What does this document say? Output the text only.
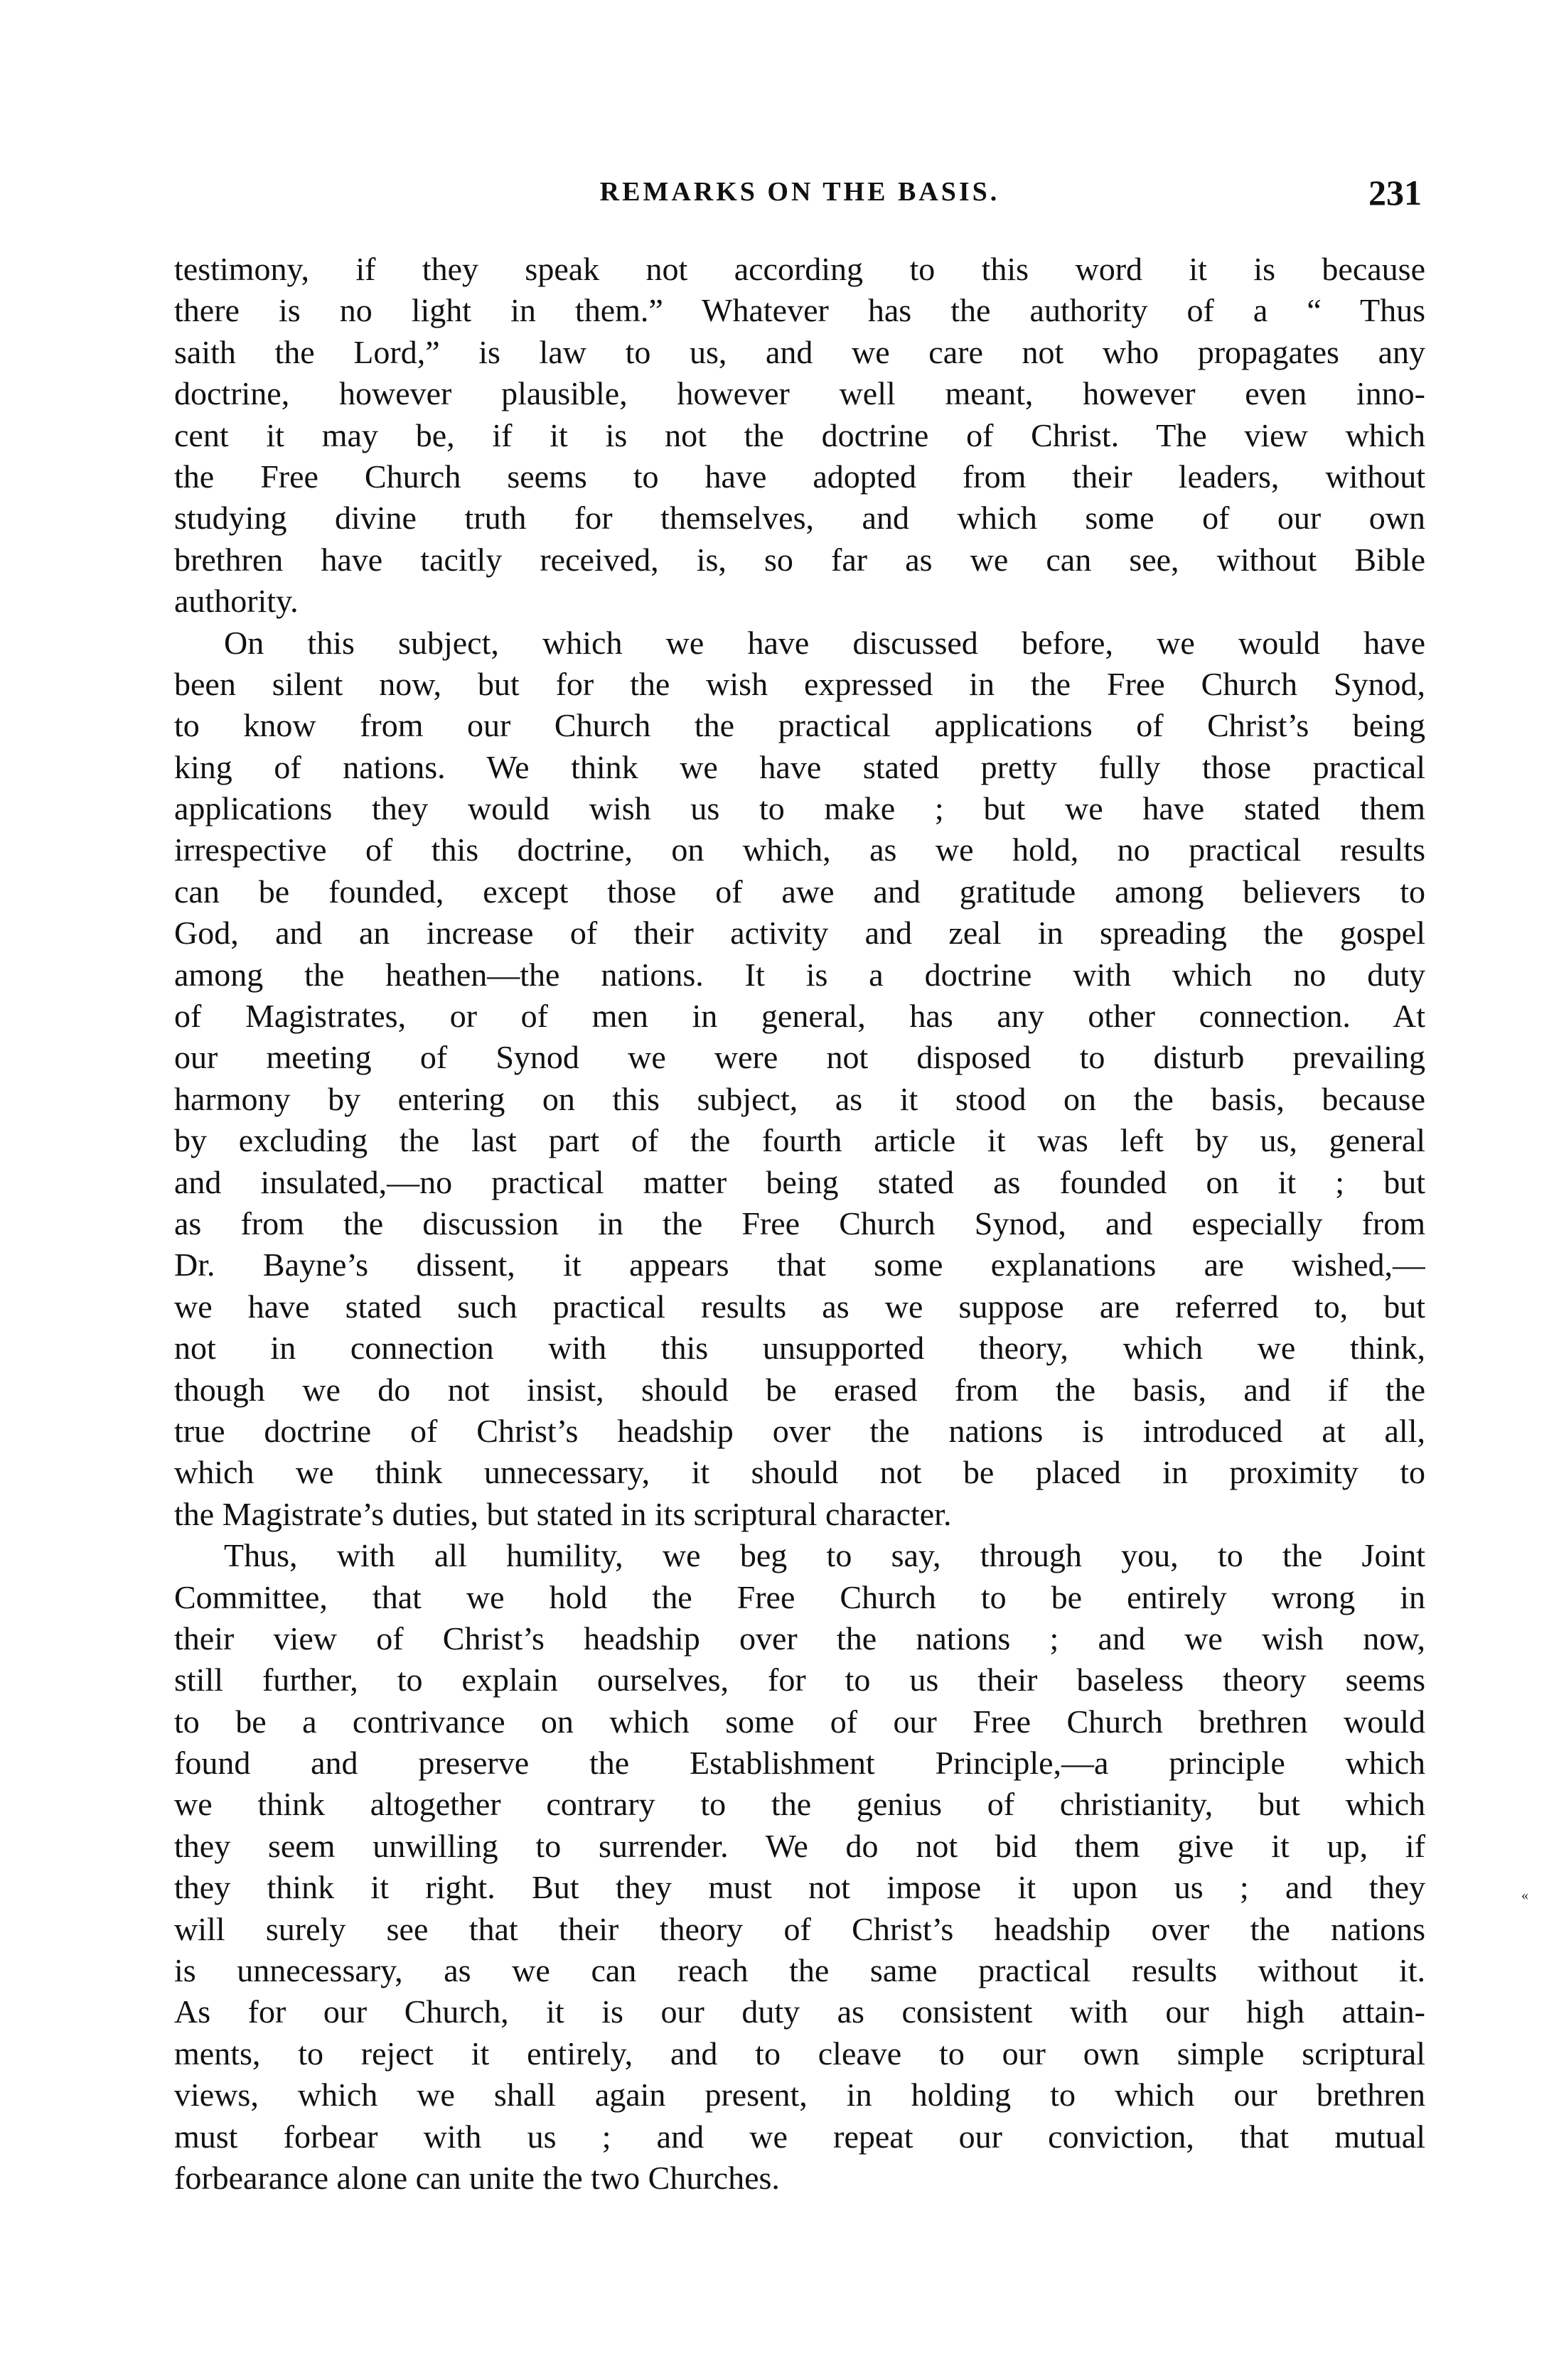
REMARKS ON THE BASIS.	231
testimony, if they speak not according to this word it is because
there is no light in them.” Whatever has the authority of a “ Thus
saith the Lord,” is law to us, and we care not who propagates any
doctrine, however plausible, however well meant, however even inno-
cent it may be, if it is not the doctrine of Christ. The view which
the Free Church seems to have adopted from their leaders, without
studying divine truth for themselves, and which some of our own
brethren have tacitly received, is, so far as we can see, without Bible
authority.
On this subject, which we have discussed before, we would have
been silent now, but for the wish expressed in the Free Church Synod,
to know from our Church the practical applications of Christ’s being
king of nations. We think we have stated pretty fully those practical
applications they would wish us to make ; but we have stated them
irrespective of this doctrine, on which, as we hold, no practical results
can be founded, except those of awe and gratitude among believers to
God, and an increase of their activity and zeal in spreading the gospel
among the heathen—the nations. It is a doctrine with which no duty
of Magistrates, or of men in general, has any other connection. At
our meeting of Synod we were not disposed to disturb prevailing
harmony by entering on this subject, as it stood on the basis, because
by excluding the last part of the fourth article it was left by us, general
and insulated,—no practical matter being stated as founded on it ; but
as from the discussion in the Free Church Synod, and especially from
Dr. Bayne’s dissent, it appears that some explanations are wished,—
we have stated such practical results as we suppose are referred to, but
not in connection with this unsupported theory, which we think,
though we do not insist, should be erased from the basis, and if the
true doctrine of Christ’s headship over the nations is introduced at all,
which we think unnecessary, it should not be placed in proximity to
the Magistrate’s duties, but stated in its scriptural character.
Thus, with all humility, we beg to say, through you, to the Joint
Committee, that we hold the Free Church to be entirely wrong in
their view of Christ’s headship over the nations ; and we wish now,
still further, to explain ourselves, for to us their baseless theory seems
to be a contrivance on which some of our Free Church brethren would
found and preserve the Establishment Principle,—a principle which
we think altogether contrary to the genius of christianity, but which
they seem unwilling to surrender. We do not bid them give it up, if
they think it right. But they must not impose it upon us ; and they
will surely see that their theory of Christ’s headship over the nations
is unnecessary, as we can reach the same practical results without it.
As for our Church, it is our duty as consistent with our high attain-
ments, to reject it entirely, and to cleave to our own simple scriptural
views, which we shall again present, in holding to which our brethren
must forbear with us ; and we repeat our conviction, that mutual
forbearance alone can unite the two Churches.
«
